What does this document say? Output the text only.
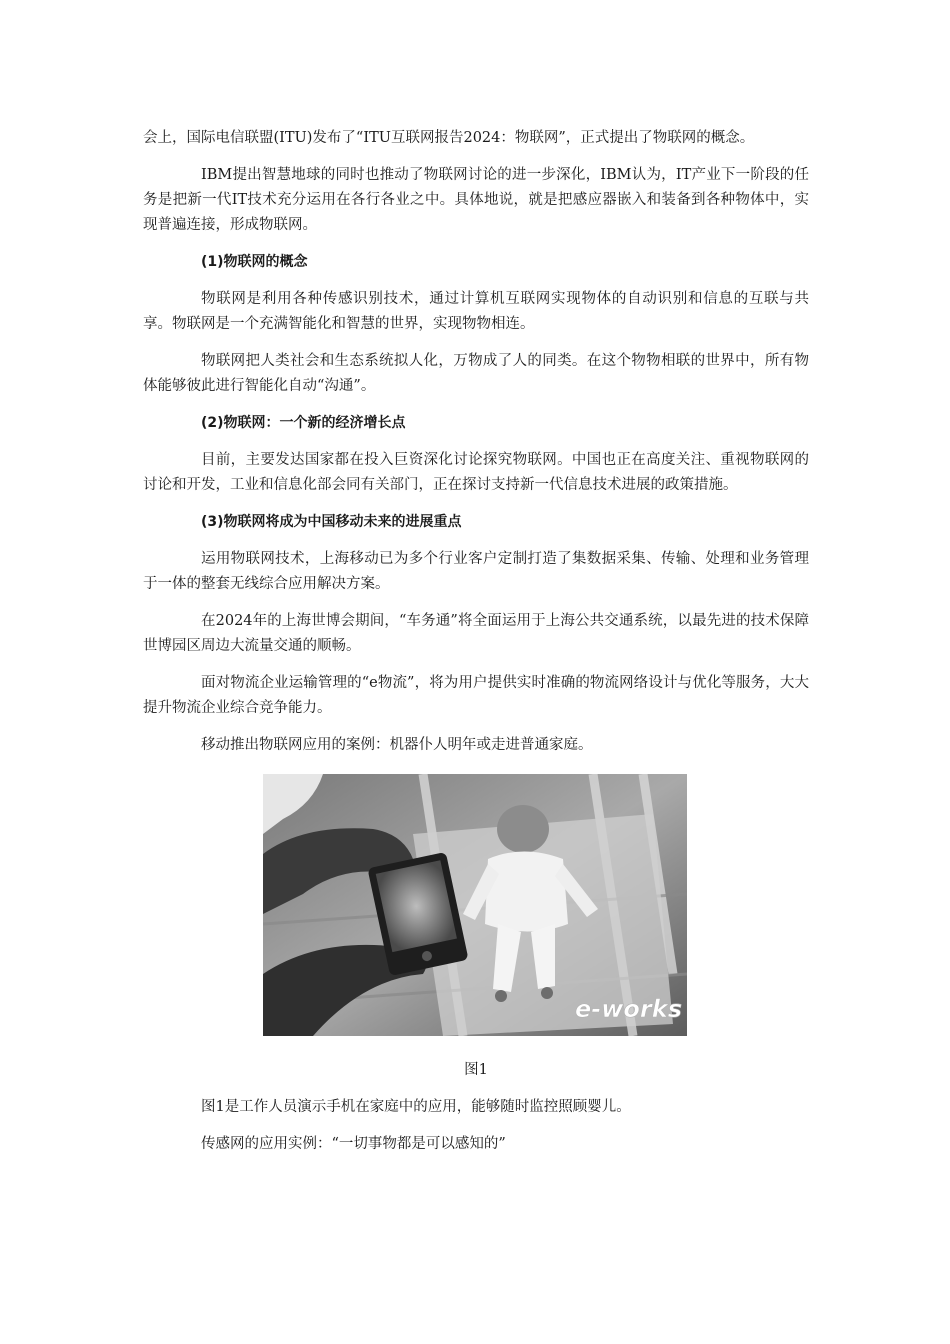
会上，国际电信联盟(ITU)发布了“ITU互联网报告2024：物联网”，正式提出了物联网的概念。

IBM提出智慧地球的同时也推动了物联网讨论的进一步深化，IBM认为，IT产业下一阶段的任务是把新一代IT技术充分运用在各行各业之中。具体地说，就是把感应器嵌入和装备到各种物体中，实现普遍连接，形成物联网。

(1)物联网的概念

物联网是利用各种传感识别技术，通过计算机互联网实现物体的自动识别和信息的互联与共享。物联网是一个充满智能化和智慧的世界，实现物物相连。

物联网把人类社会和生态系统拟人化，万物成了人的同类。在这个物物相联的世界中，所有物体能够彼此进行智能化自动“沟通”。

(2)物联网：一个新的经济增长点

目前，主要发达国家都在投入巨资深化讨论探究物联网。中国也正在高度关注、重视物联网的讨论和开发，工业和信息化部会同有关部门，正在探讨支持新一代信息技术进展的政策措施。

(3)物联网将成为中国移动未来的进展重点

运用物联网技术，上海移动已为多个行业客户定制打造了集数据采集、传输、处理和业务管理于一体的整套无线综合应用解决方案。

在2024年的上海世博会期间，“车务通”将全面运用于上海公共交通系统，以最先进的技术保障世博园区周边大流量交通的顺畅。

面对物流企业运输管理的“e物流”，将为用户提供实时准确的物流网络设计与优化等服务，大大提升物流企业综合竞争能力。

移动推出物联网应用的案例：机器仆人明年或走进普通家庭。

e-works

图1

图1是工作人员演示手机在家庭中的应用，能够随时监控照顾婴儿。

传感网的应用实例：“一切事物都是可以感知的”
